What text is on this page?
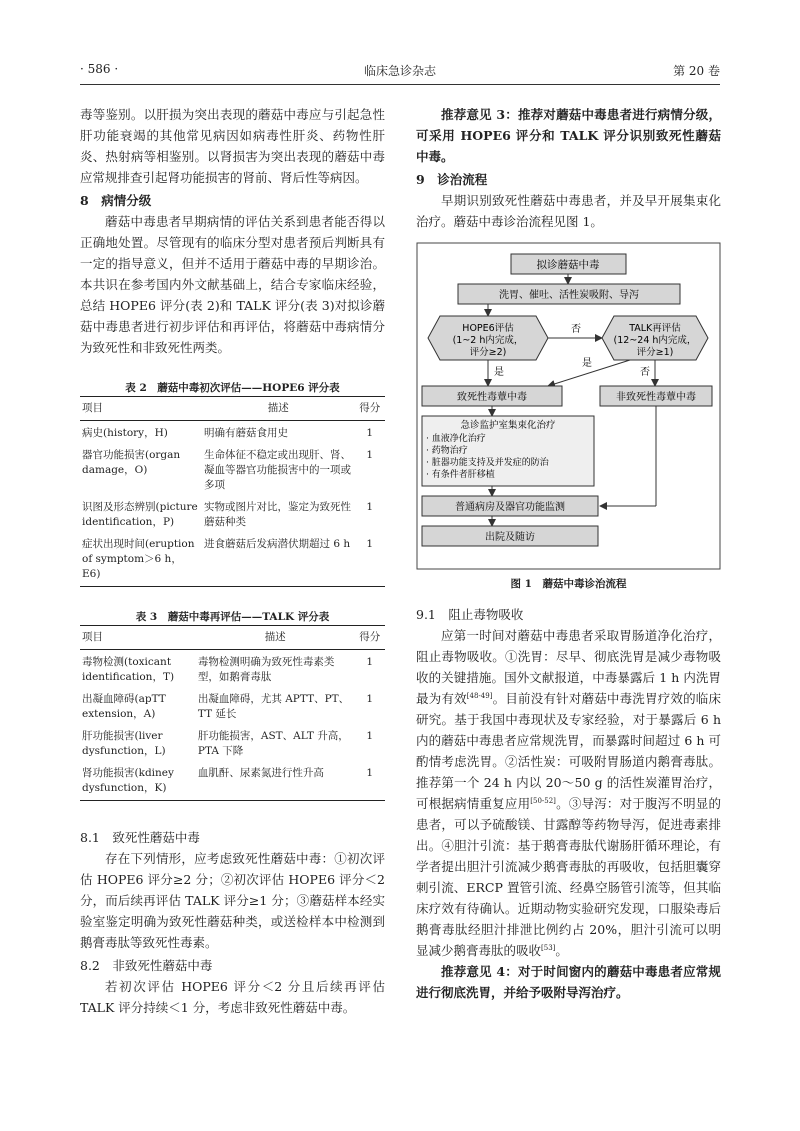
· 586 ·	临床急诊杂志	第 20 卷

毒等鉴别。以肝损为突出表现的蘑菇中毒应与引起急性肝功能衰竭的其他常见病因如病毒性肝炎、药物性肝炎、热射病等相鉴别。以肾损害为突出表现的蘑菇中毒应常规排查引起肾功能损害的肾前、肾后性等病因。

8　病情分级

蘑菇中毒患者早期病情的评估关系到患者能否得以正确地处置。尽管现有的临床分型对患者预后判断具有一定的指导意义，但并不适用于蘑菇中毒的早期诊治。本共识在参考国内外文献基础上，结合专家临床经验，总结 HOPE6 评分(表 2)和 TALK 评分(表 3)对拟诊蘑菇中毒患者进行初步评估和再评估，将蘑菇中毒病情分为致死性和非致死性两类。

表 2　蘑菇中毒初次评估——HOPE6 评分表

项目	描述	得分
病史(history，H)	明确有蘑菇食用史	1
器官功能损害(organ damage，O)	生命体征不稳定或出现肝、肾、凝血等器官功能损害中的一项或多项	1
识图及形态辨别(picture identification，P)	实物或图片对比，鉴定为致死性蘑菇种类	1
症状出现时间(eruption of symptom＞6 h，E6)	进食蘑菇后发病潜伏期超过 6 h	1

表 3　蘑菇中毒再评估——TALK 评分表

项目	描述	得分
毒物检测(toxicant identification，T)	毒物检测明确为致死性毒素类型，如鹅膏毒肽	1
出凝血障碍(apTT extension，A)	出凝血障碍，尤其 APTT、PT、TT 延长	1
肝功能损害(liver dysfunction，L)	肝功能损害，AST、ALT 升高，PTA 下降	1
肾功能损害(kdiney dysfunction，K)	血肌酐、尿素氮进行性升高	1
8.1　致死性蘑菇中毒

存在下列情形，应考虑致死性蘑菇中毒：①初次评估 HOPE6 评分≥2 分；②初次评估 HOPE6 评分＜2 分，而后续再评估 TALK 评分≥1 分；③蘑菇样本经实验室鉴定明确为致死性蘑菇种类，或送检样本中检测到鹅膏毒肽等致死性毒素。

8.2　非致死性蘑菇中毒

若初次评估 HOPE6 评分＜2 分且后续再评估 TALK 评分持续＜1 分，考虑非致死性蘑菇中毒。

推荐意见 3：推荐对蘑菇中毒患者进行病情分级，可采用 HOPE6 评分和 TALK 评分识别致死性蘑菇中毒。

9　诊治流程

早期识别致死性蘑菇中毒患者，并及早开展集束化治疗。蘑菇中毒诊治流程见图 1。

拟诊蘑菇中毒
洗胃、催吐、活性炭吸附、导泻
HOPE6评估
(1~2 h内完成，
评分≥2)
否	TALK再评估
(12~24 h内完成，
评分≥1)
是
是
否
致死性毒蕈中毒	非致死性毒蕈中毒
急诊监护室集束化治疗
· 血液净化治疗
· 药物治疗
· 脏器功能支持及并发症的防治
· 有条件者肝移植
普通病房及器官功能监测
出院及随访

图 1　蘑菇中毒诊治流程

9.1　阻止毒物吸收

应第一时间对蘑菇中毒患者采取胃肠道净化治疗，阻止毒物吸收。①洗胃：尽早、彻底洗胃是减少毒物吸收的关键措施。国外文献报道，中毒暴露后 1 h 内洗胃最为有效[48-49]。目前没有针对蘑菇中毒洗胃疗效的临床研究。基于我国中毒现状及专家经验，对于暴露后 6 h 内的蘑菇中毒患者应常规洗胃，而暴露时间超过 6 h 可酌情考虑洗胃。②活性炭：可吸附胃肠道内鹅膏毒肽。推荐第一个 24 h 内以 20～50 g 的活性炭灌胃治疗，可根据病情重复应用[50-52]。③导泻：对于腹泻不明显的患者，可以予硫酸镁、甘露醇等药物导泻，促进毒素排出。④胆汁引流：基于鹅膏毒肽代谢肠肝循环理论，有学者提出胆汁引流减少鹅膏毒肽的再吸收，包括胆囊穿刺引流、ERCP 置管引流、经鼻空肠管引流等，但其临床疗效有待确认。近期动物实验研究发现，口服染毒后鹅膏毒肽经胆汁排泄比例约占 20%，胆汁引流可以明显减少鹅膏毒肽的吸收[53]。

推荐意见 4：对于时间窗内的蘑菇中毒患者应常规进行彻底洗胃，并给予吸附导泻治疗。
